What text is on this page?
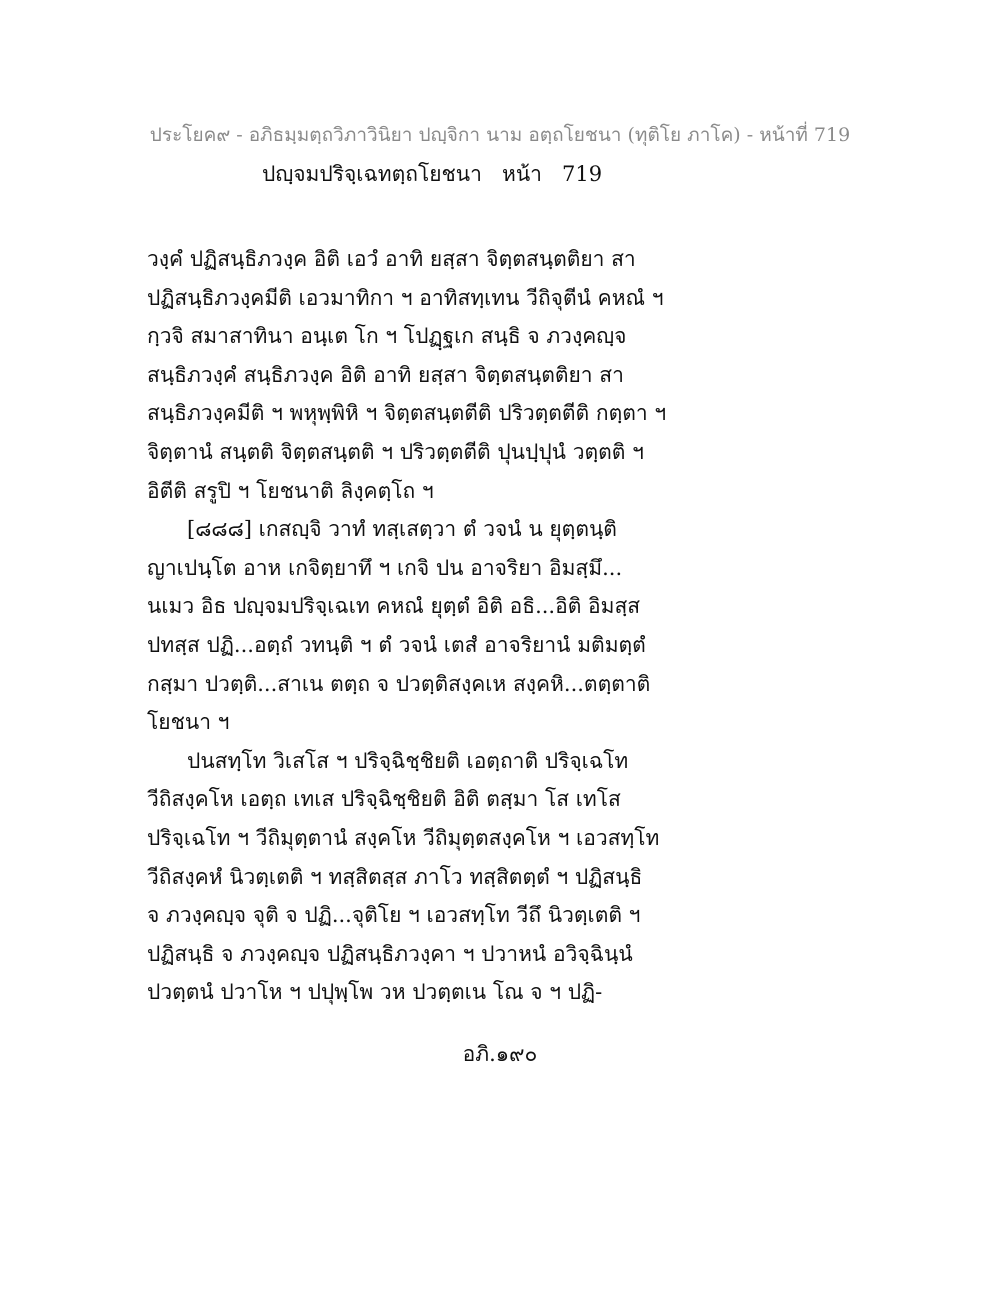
ประโยค๙ - อภิธมฺมตฺถวิภาวินิยา ปญฺจิกา นาม อตฺถโยชนา (ทุติโย ภาโค) - หน้าที่ 719
ปญฺจมปริจฺเฉทตฺถโยชนา   หน้า   719
วงฺคํ ปฏิสนฺธิภวงฺค อิติ เอวํ อาทิ ยสฺสา จิตฺตสนฺตติยา สา
ปฏิสนฺธิภวงฺคมีติ เอวมาทิกา ฯ อาทิสทฺเทน วีถิจุตีนํ คหณํ ฯ
กฺวจิ สมาสาทินา อนฺเต โก ฯ โปฏฺฐเก สนฺธิ จ ภวงฺคญฺจ
สนฺธิภวงฺคํ สนฺธิภวงฺค อิติ อาทิ ยสฺสา จิตฺตสนฺตติยา สา
สนฺธิภวงฺคมีติ ฯ พหุพฺพิหิ ฯ จิตฺตสนฺตตีติ ปริวตฺตตีติ กตฺตา ฯ
จิตฺตานํ สนฺตติ จิตฺตสนฺตติ ฯ ปริวตฺตตีติ ปุนปฺปุนํ วตฺตติ ฯ
อิตีติ สรูปิ ฯ โยชนาติ ลิงฺคตฺโถ ฯ
[๘๘๘] เกสญฺจิ วาทํ ทสฺเสตฺวา ตํ วจนํ น ยุตฺตนฺติ
ญาเปนฺโต อาห เกจิตฺยาทึ ฯ เกจิ ปน อาจริยา อิมสฺมึ...
นเมว อิธ ปญฺจมปริจฺเฉเท คหณํ ยุตฺตํ อิติ อธิ...อิติ อิมสฺส
ปทสฺส ปฏิ...อตฺถํ วทนฺติ ฯ ตํ วจนํ เตสํ อาจริยานํ มติมตฺตํ
กสฺมา ปวตฺติ...สาเน ตตฺถ จ ปวตฺติสงฺคเห สงฺคหิ...ตตฺตาติ
โยชนา ฯ
ปนสทฺโท วิเสโส ฯ ปริจฺฉิชฺชิยติ เอตฺถาติ ปริจฺเฉโท
วีถิสงฺคโห เอตฺถ เทเส ปริจฺฉิชฺชิยติ อิติ ตสฺมา โส เทโส
ปริจฺเฉโท ฯ วีถิมุตฺตานํ สงฺคโห วีถิมุตฺตสงฺคโห ฯ เอวสทฺโท
วีถิสงฺคหํ นิวตฺเตติ ฯ ทสฺสิตสฺส ภาโว ทสฺสิตตฺตํ ฯ ปฏิสนฺธิ
จ ภวงฺคญฺจ จุติ จ ปฏิ...จุติโย ฯ เอวสทฺโท วีถึ นิวตฺเตติ ฯ
ปฏิสนฺธิ จ ภวงฺคญฺจ ปฏิสนฺธิภวงฺคา ฯ ปวาหนํ อวิจฺฉินฺนํ
ปวตฺตนํ ปวาโห ฯ ปปุพฺโพ วห ปวตฺตเน โณ จ ฯ ปฏิ-
อภิ.๑๙๐
